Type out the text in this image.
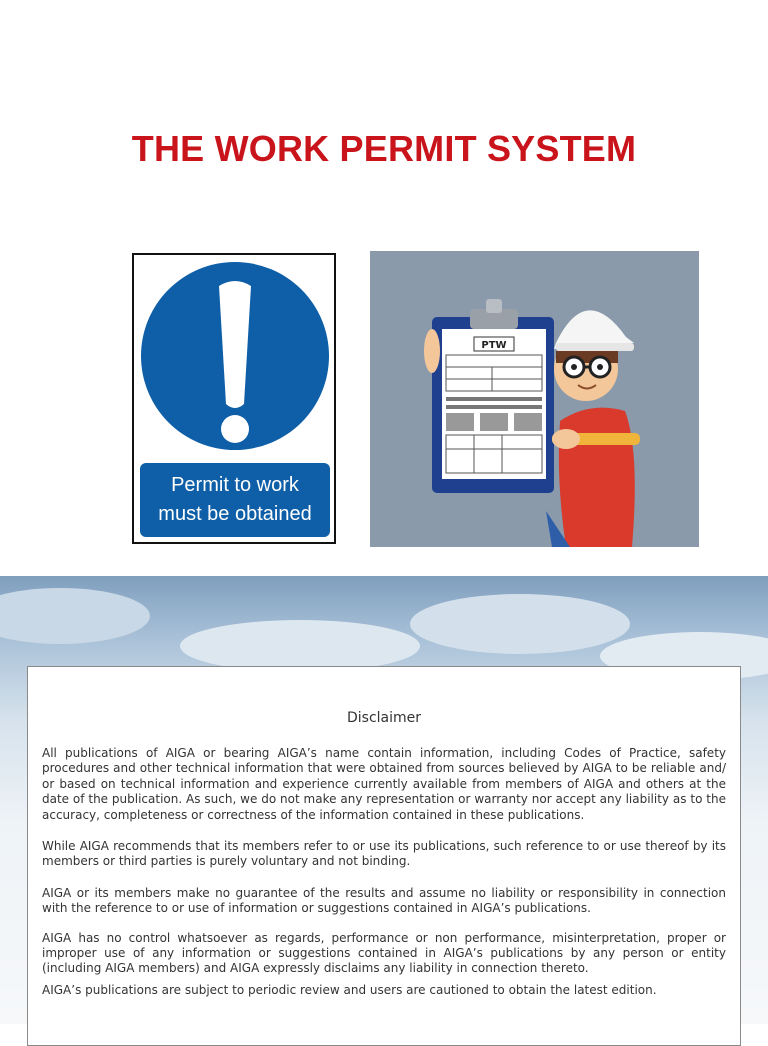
THE WORK PERMIT SYSTEM
Permit to work
must be obtained
PTW
Disclaimer

All publications of AIGA or bearing AIGA’s name contain information, including Codes of Practice, safety procedures and other technical information that were obtained from sources believed by AIGA to be reliable and/ or based on technical information and experience currently available from members of AIGA and others at the date of the publication. As such, we do not make any representation or warranty nor accept any liability as to the accuracy, completeness or correctness of the information contained in these publications.

While AIGA recommends that its members refer to or use its publications, such reference to or use thereof by its members or third parties is purely voluntary and not binding.

AIGA or its members make no guarantee of the results and assume no liability or responsibility in connection with the reference to or use of information or suggestions contained in AIGA’s publications.

AIGA has no control whatsoever as regards, performance or non performance, misinterpretation, proper or improper use of any information or suggestions contained in AIGA’s publications by any person or entity (including AIGA members) and AIGA expressly disclaims any liability in connection thereto.

AIGA’s publications are subject to periodic review and users are cautioned to obtain the latest edition.
